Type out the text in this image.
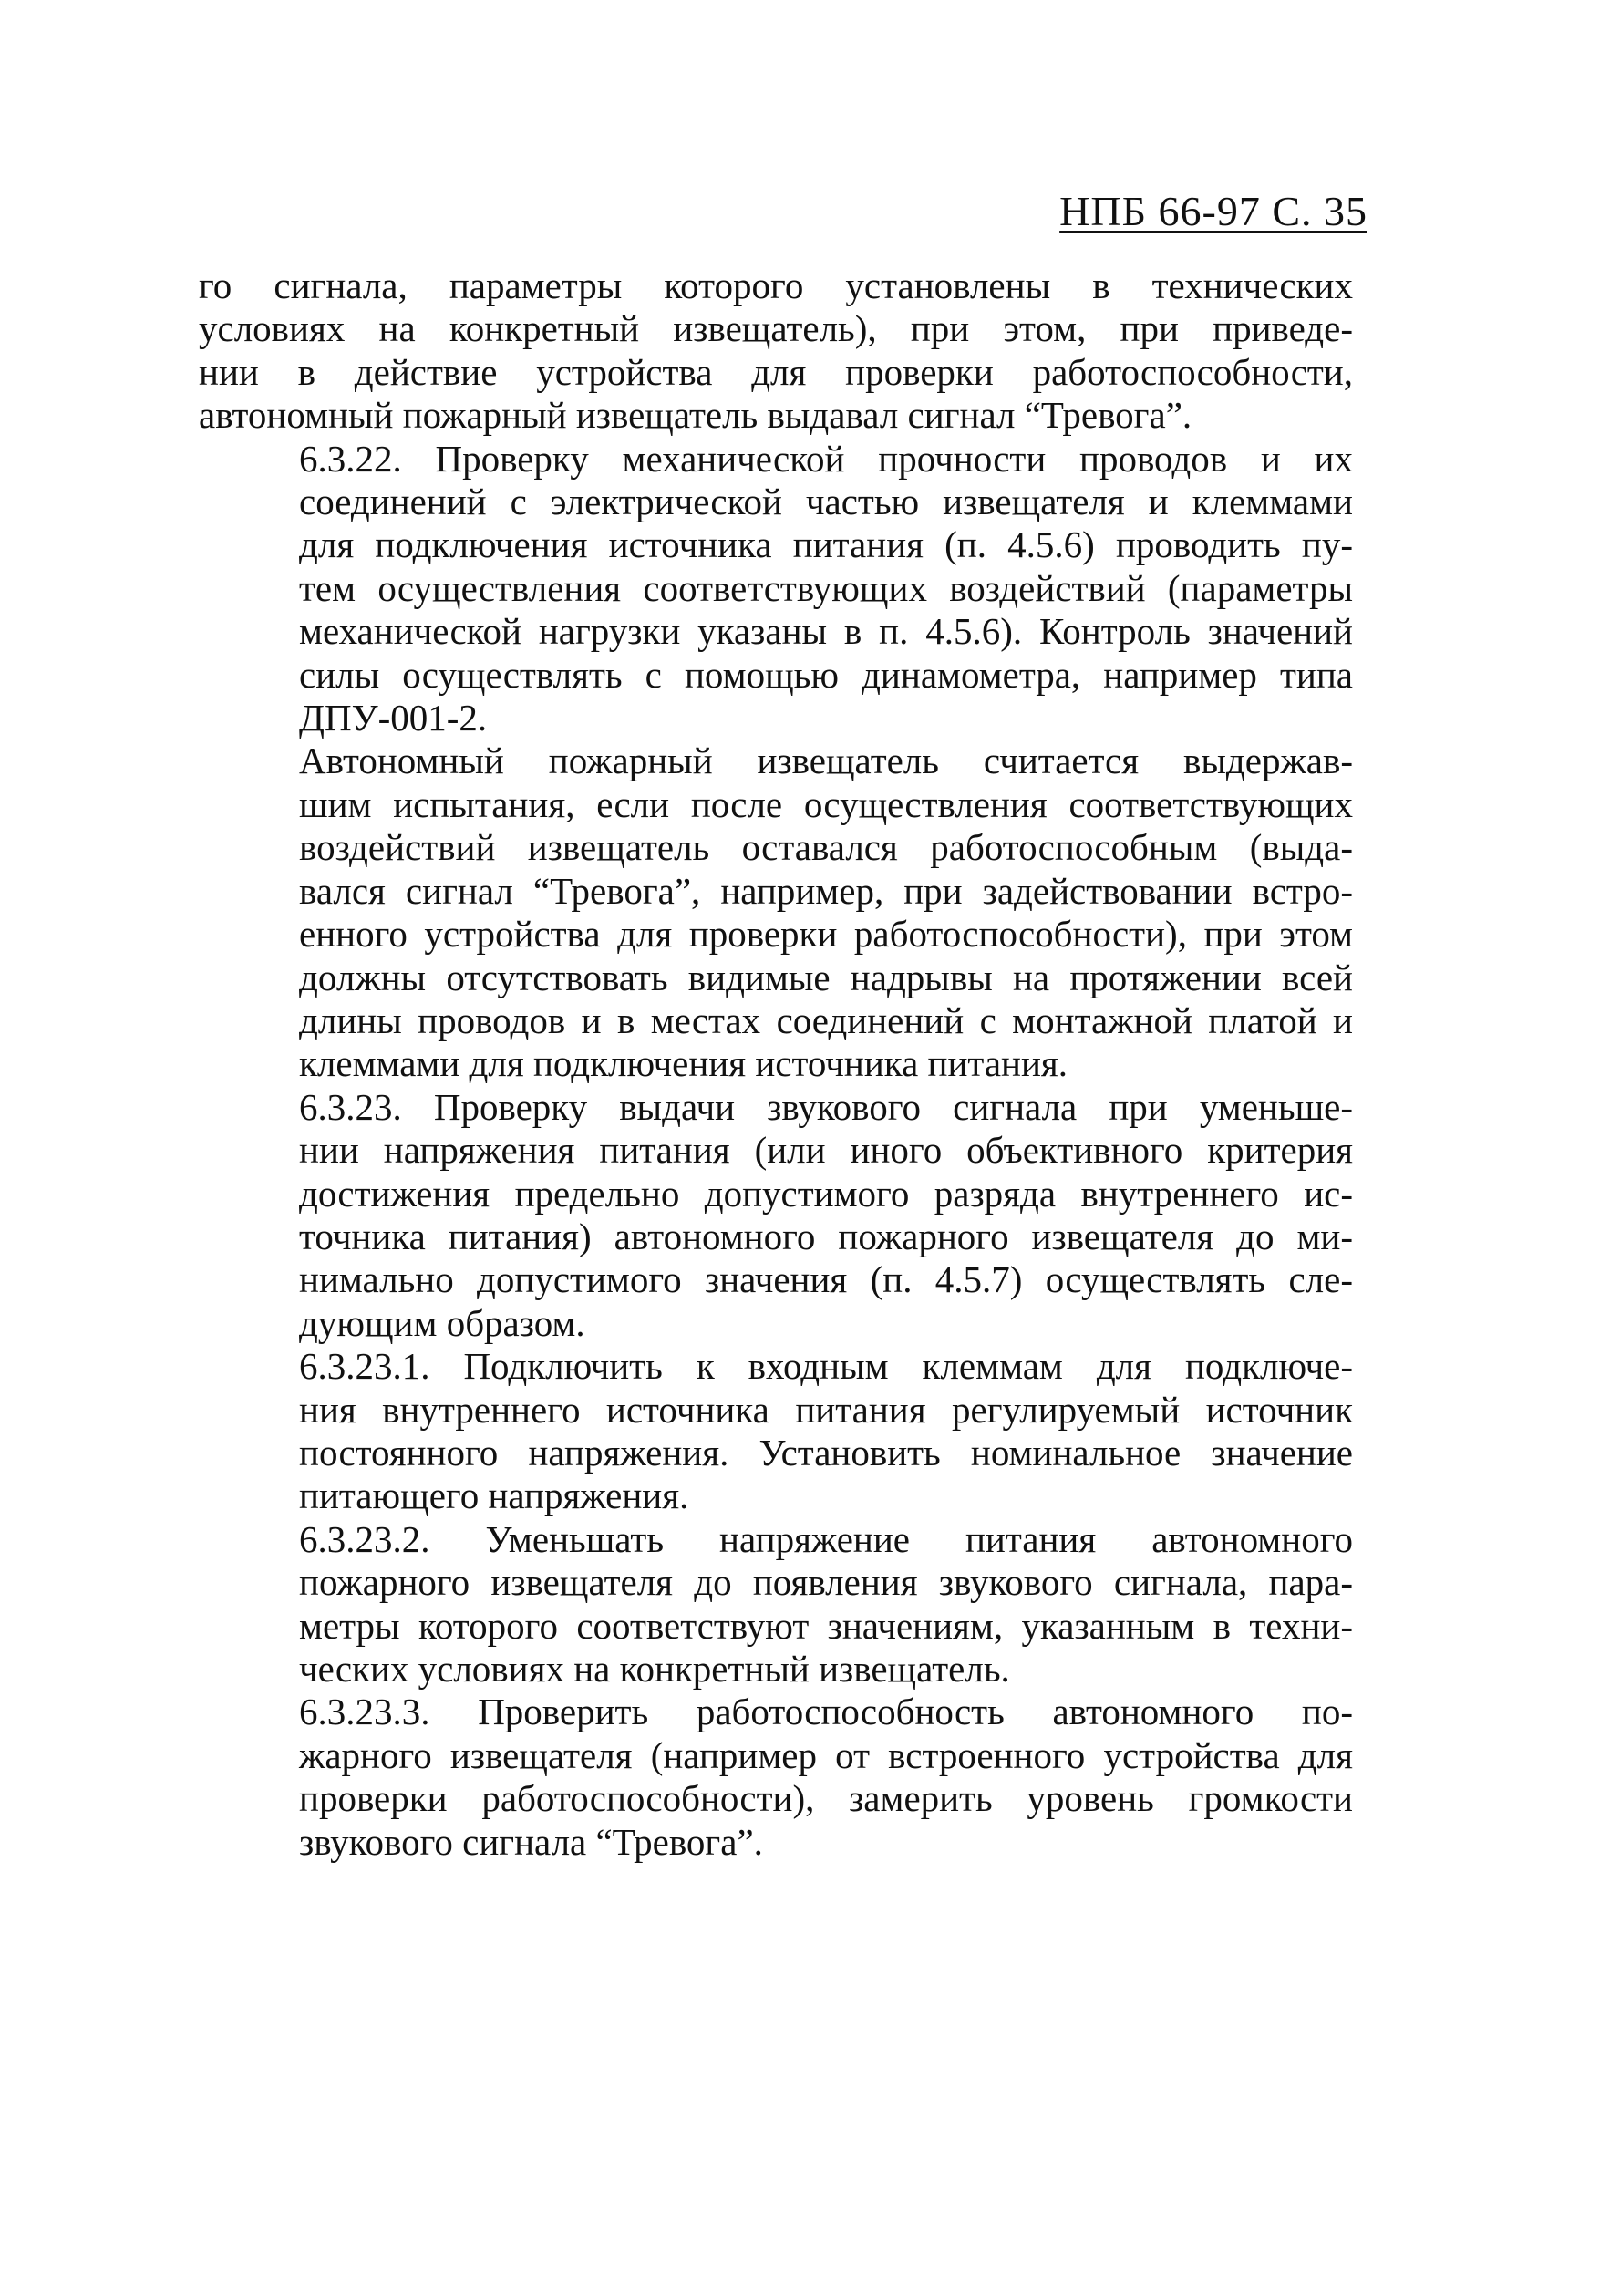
НПБ 66-97 С. 35
го сигнала, параметры которого установлены в технических
условиях на конкретный извещатель), при этом, при приведе-
нии в действие устройства для проверки работоспособности,
автономный пожарный извещатель выдавал сигнал “Тревога”.
6.3.22. Проверку механической прочности проводов и их
соединений с электрической частью извещателя и клеммами
для подключения источника питания (п. 4.5.6) проводить пу-
тем осуществления соответствующих воздействий (параметры
механической нагрузки указаны в п. 4.5.6). Контроль значений
силы осуществлять с помощью динамометра, например типа
ДПУ-001-2.
Автономный пожарный извещатель считается выдержав-
шим испытания, если после осуществления соответствующих
воздействий извещатель оставался работоспособным (выда-
вался сигнал “Тревога”, например, при задействовании встро-
енного устройства для проверки работоспособности), при этом
должны отсутствовать видимые надрывы на протяжении всей
длины проводов и в местах соединений с монтажной платой и
клеммами для подключения источника питания.
6.3.23. Проверку выдачи звукового сигнала при уменьше-
нии напряжения питания (или иного объективного критерия
достижения предельно допустимого разряда внутреннего ис-
точника питания) автономного пожарного извещателя до ми-
нимально допустимого значения (п. 4.5.7) осуществлять сле-
дующим образом.
6.3.23.1. Подключить к входным клеммам для подключе-
ния внутреннего источника питания регулируемый источник
постоянного напряжения. Установить номинальное значение
питающего напряжения.
6.3.23.2. Уменьшать напряжение питания автономного
пожарного извещателя до появления звукового сигнала, пара-
метры которого соответствуют значениям, указанным в техни-
ческих условиях на конкретный извещатель.
6.3.23.3. Проверить работоспособность автономного по-
жарного извещателя (например от встроенного устройства для
проверки работоспособности), замерить уровень громкости
звукового сигнала “Тревога”.
